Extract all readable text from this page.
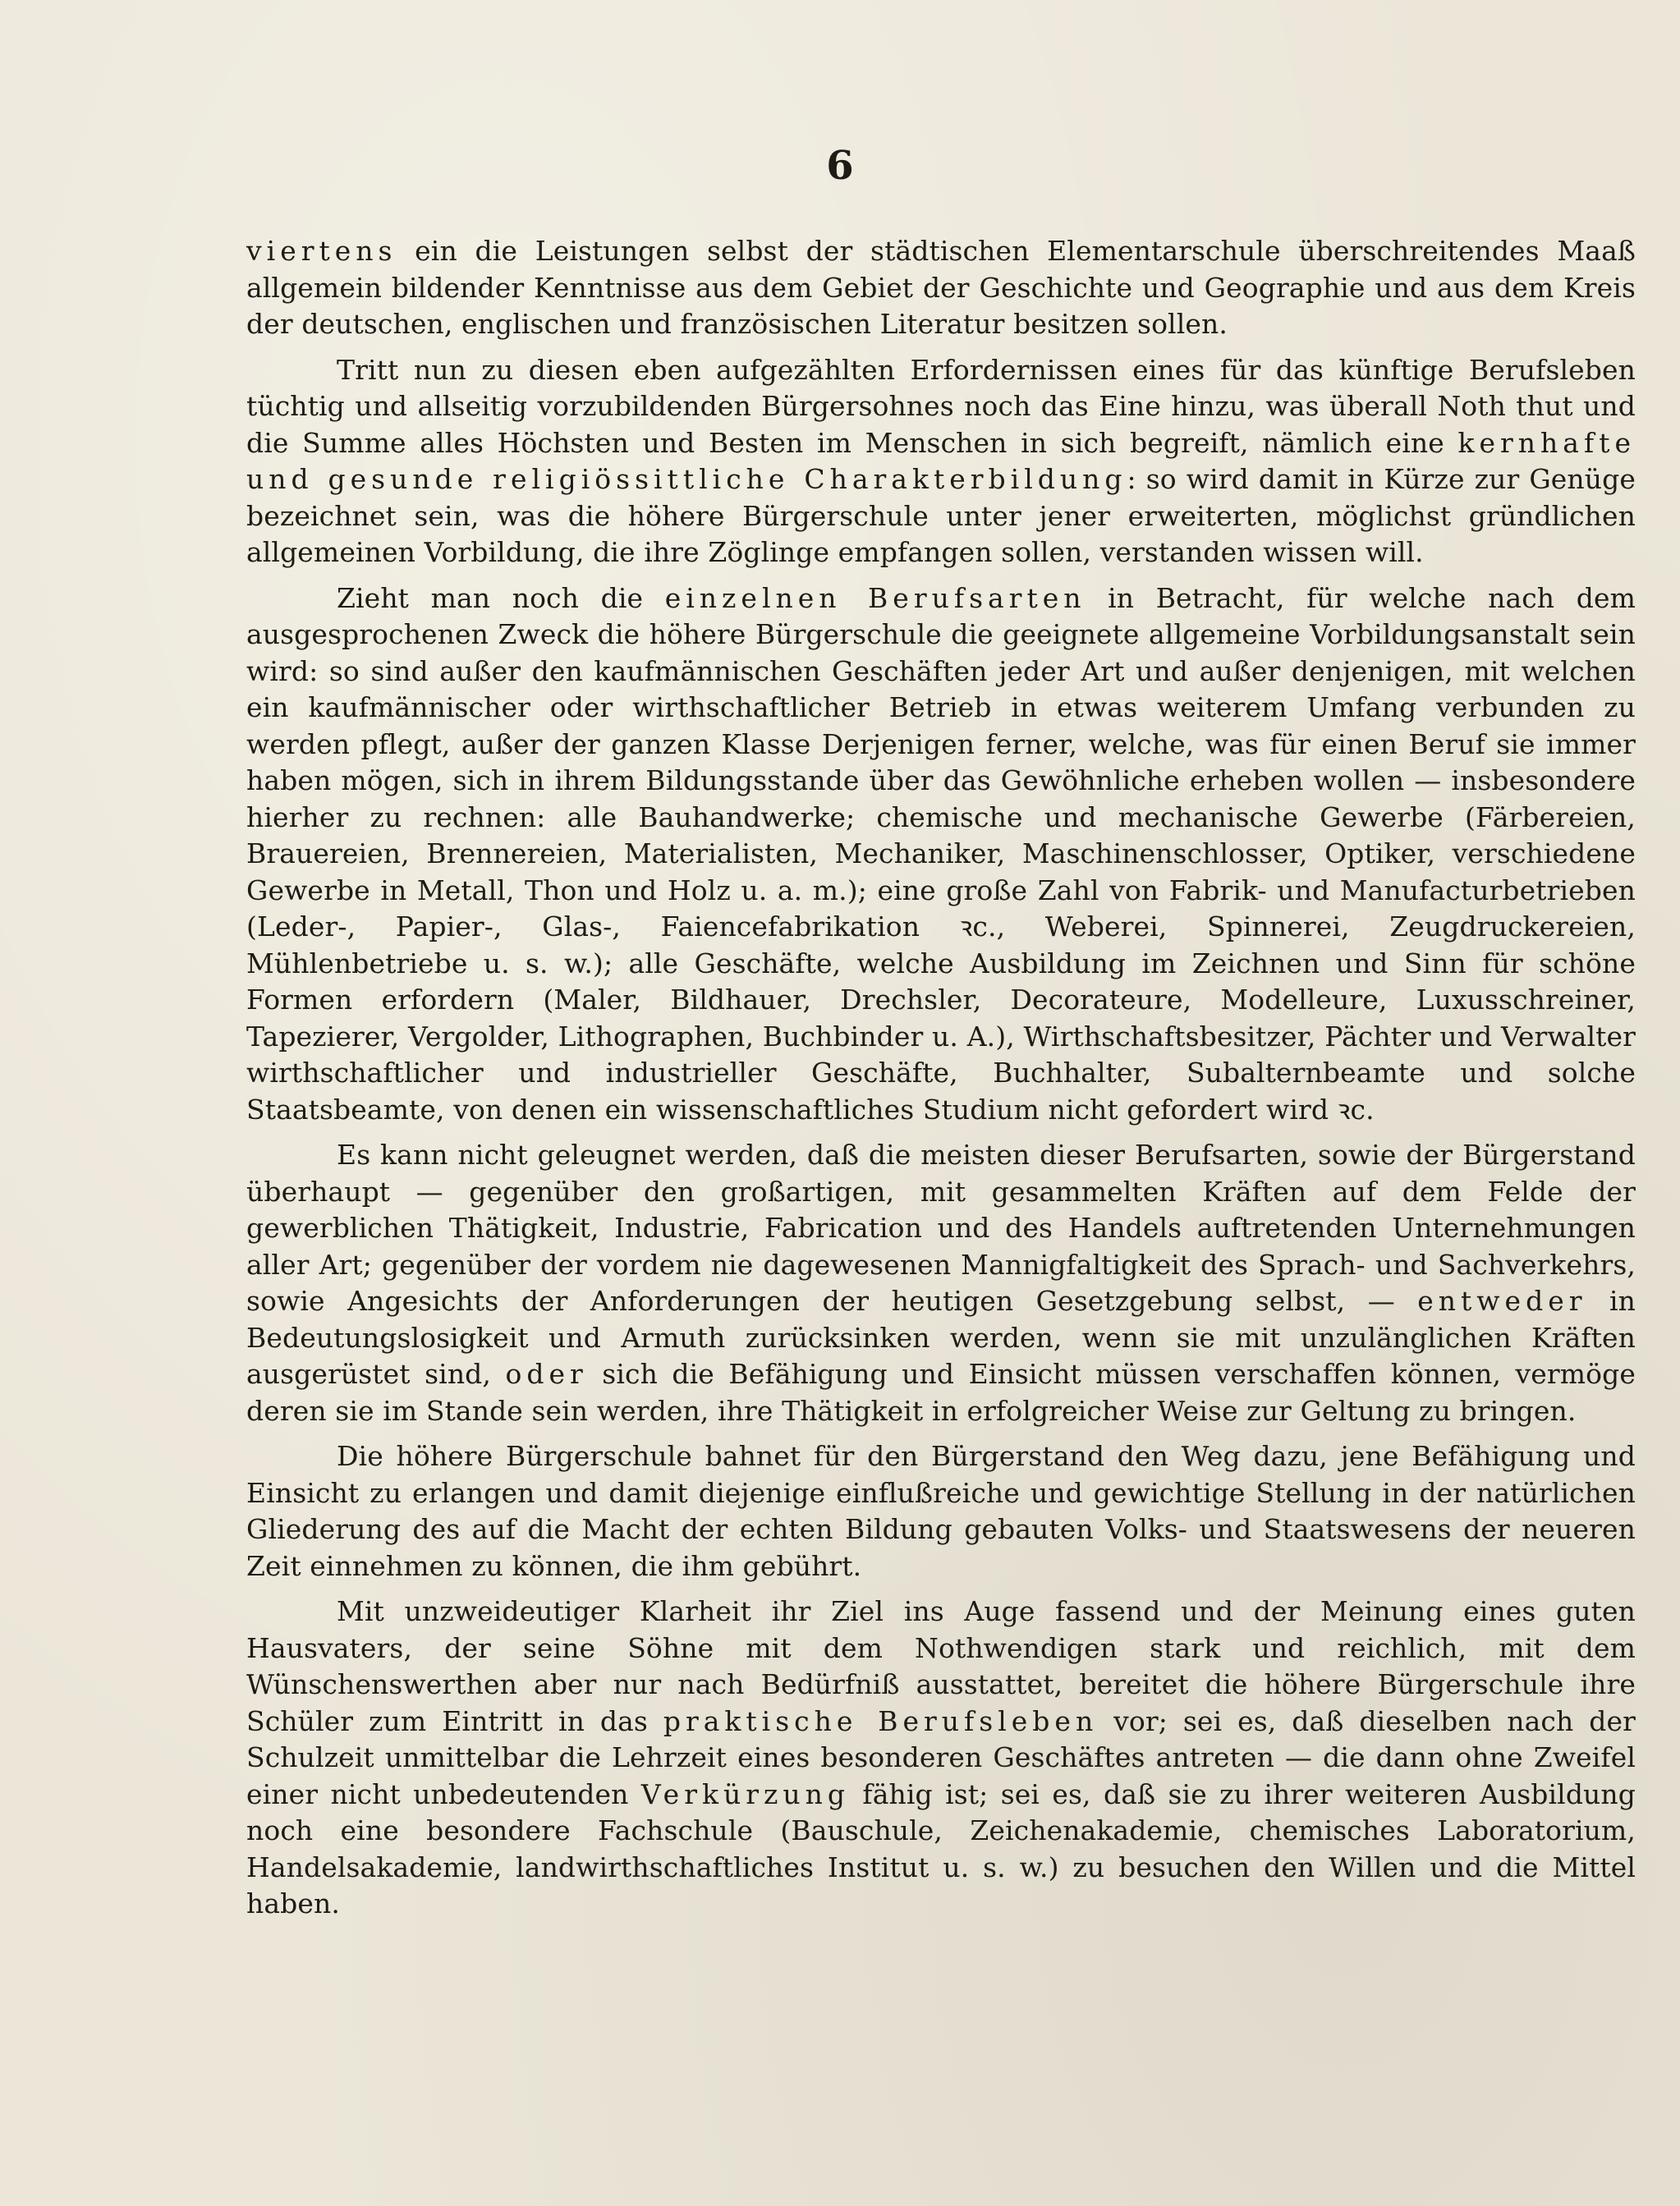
6

viertens ein die Leistungen selbst der städtischen Elementarschule überschreitendes Maaß allgemein bildender Kenntnisse aus dem Gebiet der Geschichte und Geographie und aus dem Kreis der deutschen, englischen und französischen Literatur besitzen sollen.

Tritt nun zu diesen eben aufgezählten Erfordernissen eines für das künftige Berufsleben tüchtig und allseitig vorzubildenden Bürgersohnes noch das Eine hinzu, was überall Noth thut und die Summe alles Höchsten und Besten im Menschen in sich begreift, nämlich eine kernhafte und gesunde religiössittliche Charakterbildung: so wird damit in Kürze zur Genüge bezeichnet sein, was die höhere Bürgerschule unter jener erweiterten, möglichst gründlichen allgemeinen Vorbildung, die ihre Zöglinge empfangen sollen, verstanden wissen will.

Zieht man noch die einzelnen Berufsarten in Betracht, für welche nach dem ausgesprochenen Zweck die höhere Bürgerschule die geeignete allgemeine Vorbildungsanstalt sein wird: so sind außer den kaufmännischen Geschäften jeder Art und außer denjenigen, mit welchen ein kaufmännischer oder wirthschaftlicher Betrieb in etwas weiterem Umfang verbunden zu werden pflegt, außer der ganzen Klasse Derjenigen ferner, welche, was für einen Beruf sie immer haben mögen, sich in ihrem Bildungsstande über das Gewöhnliche erheben wollen — insbesondere hierher zu rechnen: alle Bauhandwerke; chemische und mechanische Gewerbe (Färbereien, Brauereien, Brennereien, Materialisten, Mechaniker, Maschinenschlosser, Optiker, verschiedene Gewerbe in Metall, Thon und Holz u. a. m.); eine große Zahl von Fabrik- und Manufacturbetrieben (Leder-, Papier-, Glas-, Faiencefabrikation ꝛc., Weberei, Spinnerei, Zeugdruckereien, Mühlenbetriebe u. s. w.); alle Geschäfte, welche Ausbildung im Zeichnen und Sinn für schöne Formen erfordern (Maler, Bildhauer, Drechsler, Decorateure, Modelleure, Luxusschreiner, Tapezierer, Vergolder, Lithographen, Buchbinder u. A.), Wirthschaftsbesitzer, Pächter und Verwalter wirthschaftlicher und industrieller Geschäfte, Buchhalter, Subalternbeamte und solche Staatsbeamte, von denen ein wissenschaftliches Studium nicht gefordert wird ꝛc.

Es kann nicht geleugnet werden, daß die meisten dieser Berufsarten, sowie der Bürgerstand überhaupt — gegenüber den großartigen, mit gesammelten Kräften auf dem Felde der gewerblichen Thätigkeit, Industrie, Fabrication und des Handels auftretenden Unternehmungen aller Art; gegenüber der vordem nie dagewesenen Mannigfaltigkeit des Sprach- und Sachverkehrs, sowie Angesichts der Anforderungen der heutigen Gesetzgebung selbst, — entweder in Bedeutungslosigkeit und Armuth zurücksinken werden, wenn sie mit unzulänglichen Kräften ausgerüstet sind, oder sich die Befähigung und Einsicht müssen verschaffen können, vermöge deren sie im Stande sein werden, ihre Thätigkeit in erfolgreicher Weise zur Geltung zu bringen.

Die höhere Bürgerschule bahnet für den Bürgerstand den Weg dazu, jene Befähigung und Einsicht zu erlangen und damit diejenige einflußreiche und gewichtige Stellung in der natürlichen Gliederung des auf die Macht der echten Bildung gebauten Volks- und Staatswesens der neueren Zeit einnehmen zu können, die ihm gebührt.

Mit unzweideutiger Klarheit ihr Ziel ins Auge fassend und der Meinung eines guten Hausvaters, der seine Söhne mit dem Nothwendigen stark und reichlich, mit dem Wünschenswerthen aber nur nach Bedürfniß ausstattet, bereitet die höhere Bürgerschule ihre Schüler zum Eintritt in das praktische Berufsleben vor; sei es, daß dieselben nach der Schulzeit unmittelbar die Lehrzeit eines besonderen Geschäftes antreten — die dann ohne Zweifel einer nicht unbedeutenden Verkürzung fähig ist; sei es, daß sie zu ihrer weiteren Ausbildung noch eine besondere Fachschule (Bauschule, Zeichenakademie, chemisches Laboratorium, Handelsakademie, landwirthschaftliches Institut u. s. w.) zu besuchen den Willen und die Mittel haben.
